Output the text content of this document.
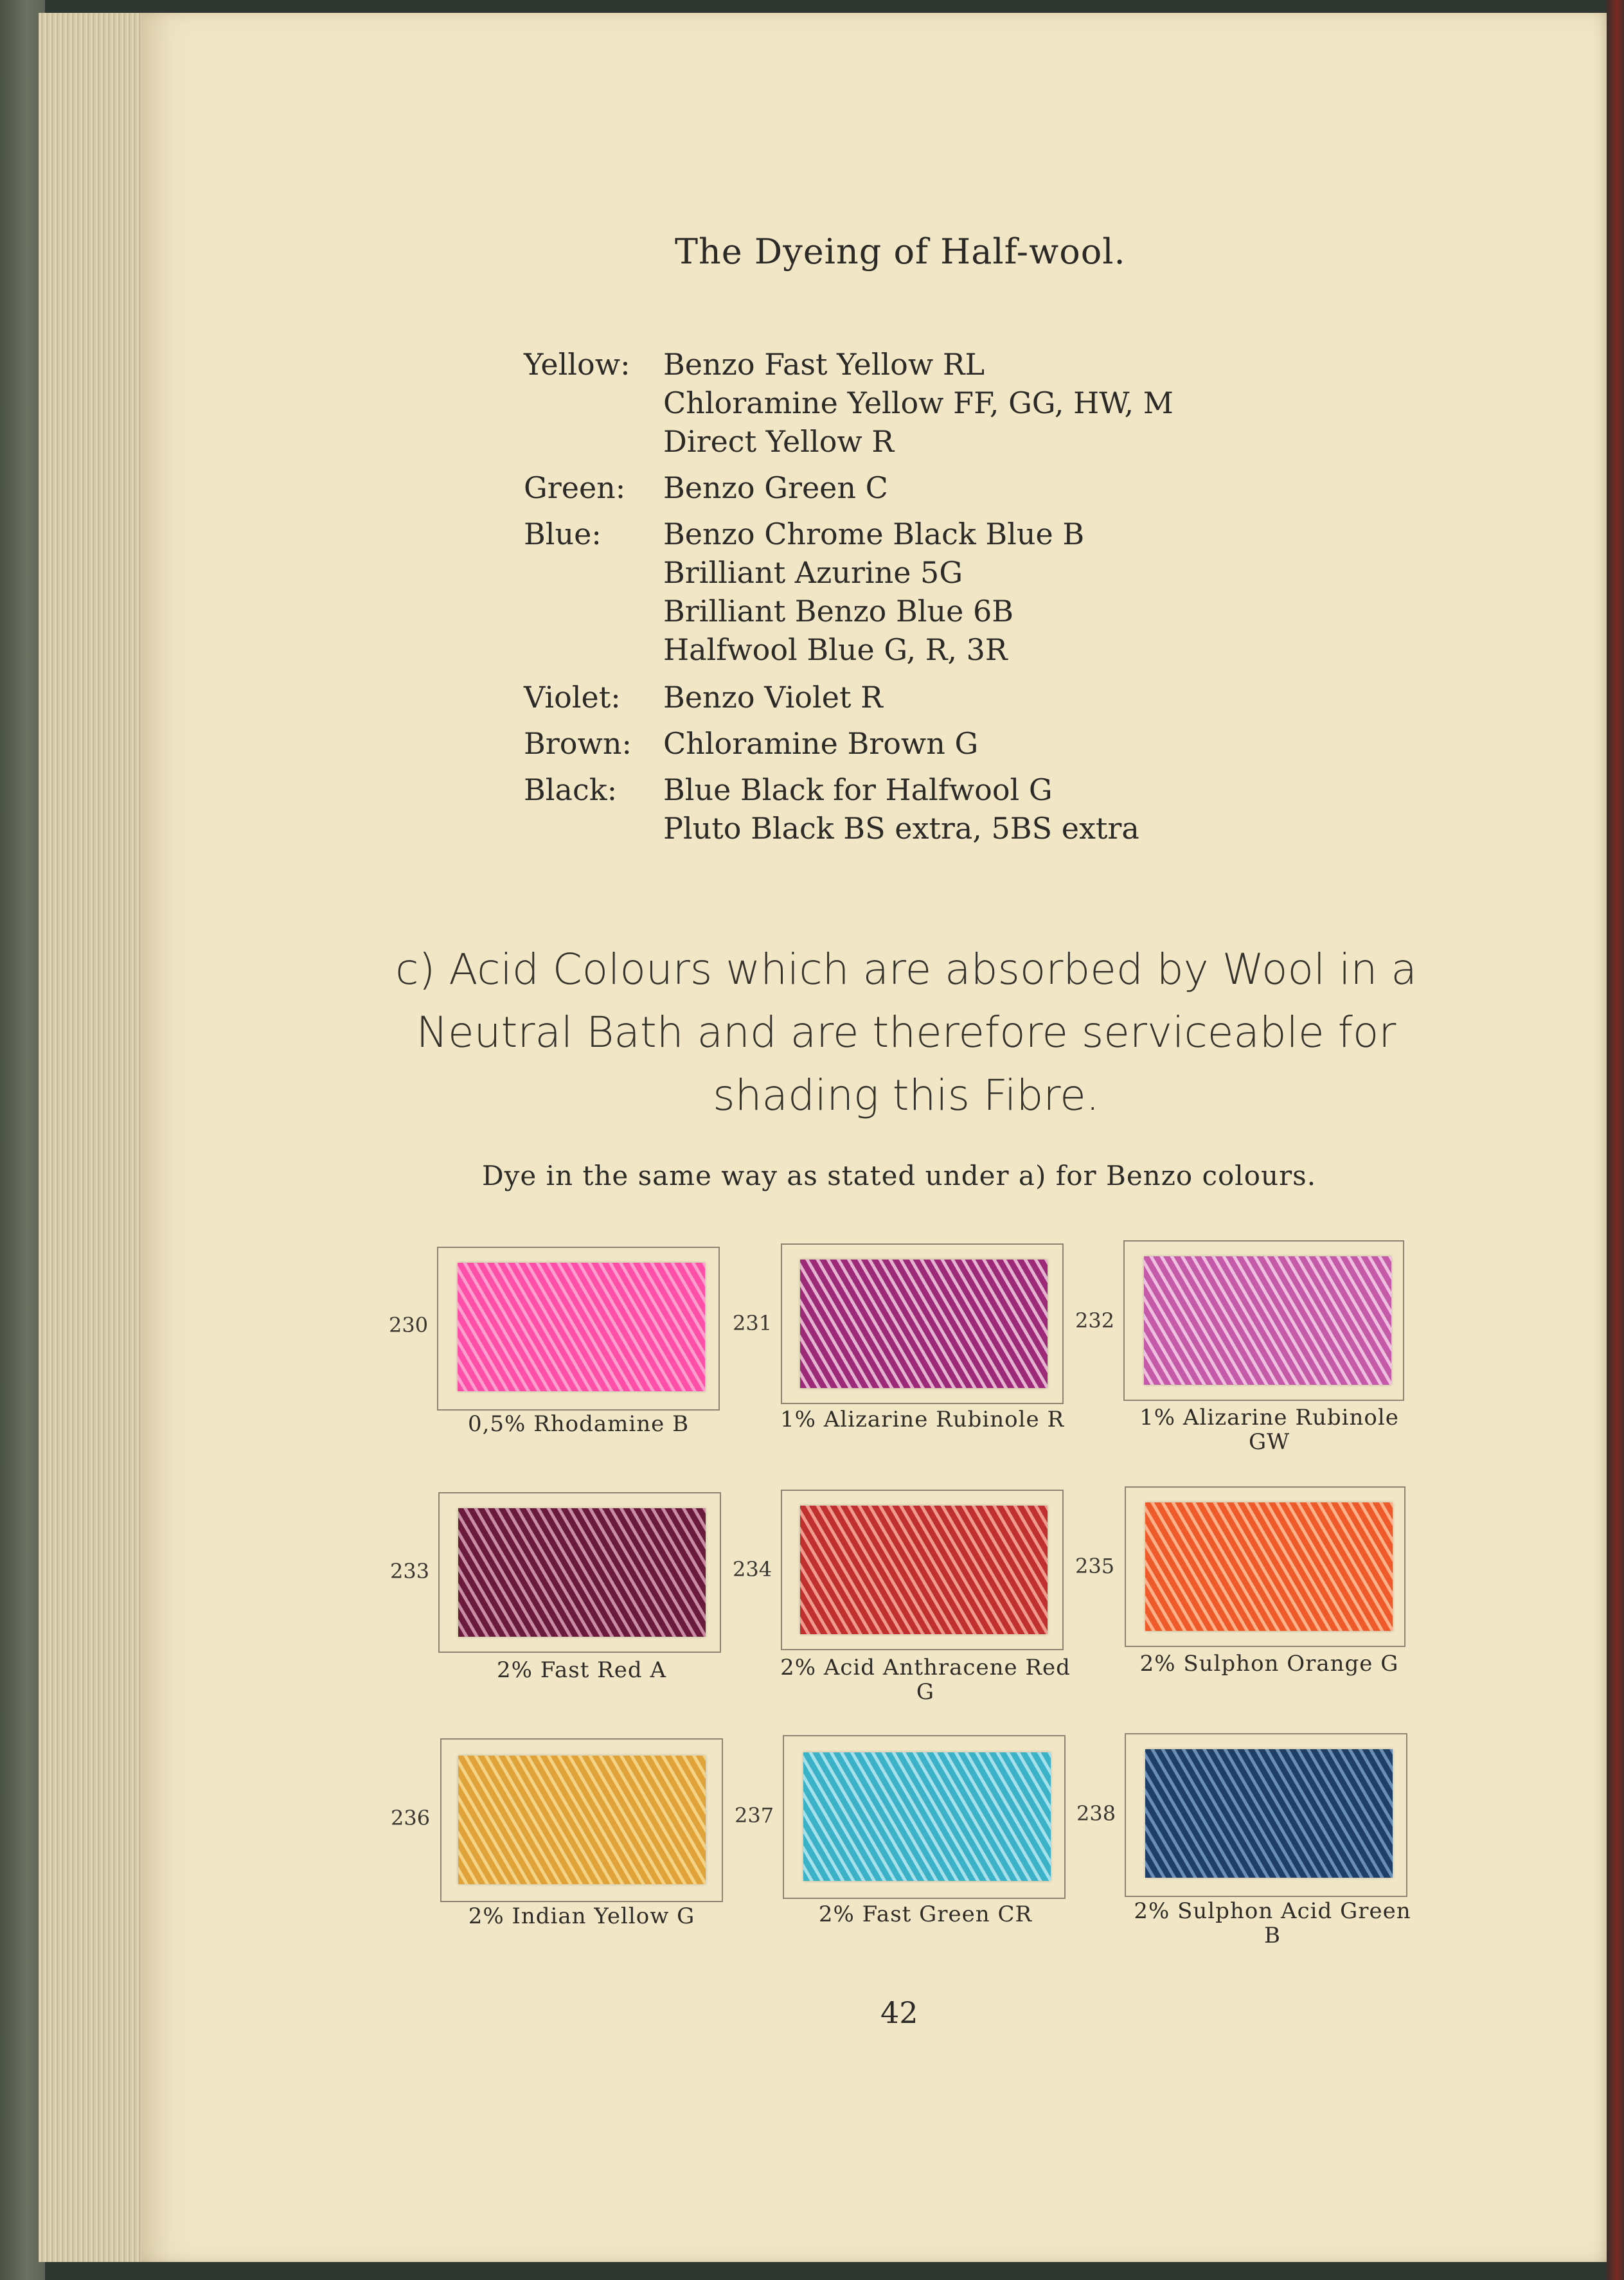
The Dyeing of Half-wool.
Yellow: Benzo Fast Yellow RL
Chloramine Yellow FF, GG, HW, M
Direct Yellow R
Green: Benzo Green C
Blue: Benzo Chrome Black Blue B
Brilliant Azurine 5G
Brilliant Benzo Blue 6B
Halfwool Blue G, R, 3R
Violet: Benzo Violet R
Brown: Chloramine Brown G
Black: Blue Black for Halfwool G
Pluto Black BS extra, 5BS extra
c) Acid Colours which are absorbed by Wool in a
Neutral Bath and are therefore serviceable for
shading this Fibre.
Dye in the same way as stated under a) for Benzo colours.
230
0,5% Rhodamine B
231
1% Alizarine Rubinole R
232
1% Alizarine Rubinole GW
233
2% Fast Red A
234
2% Acid Anthracene Red G
235
2% Sulphon Orange G
236
2% Indian Yellow G
237
2% Fast Green CR
238
2% Sulphon Acid Green B
42
